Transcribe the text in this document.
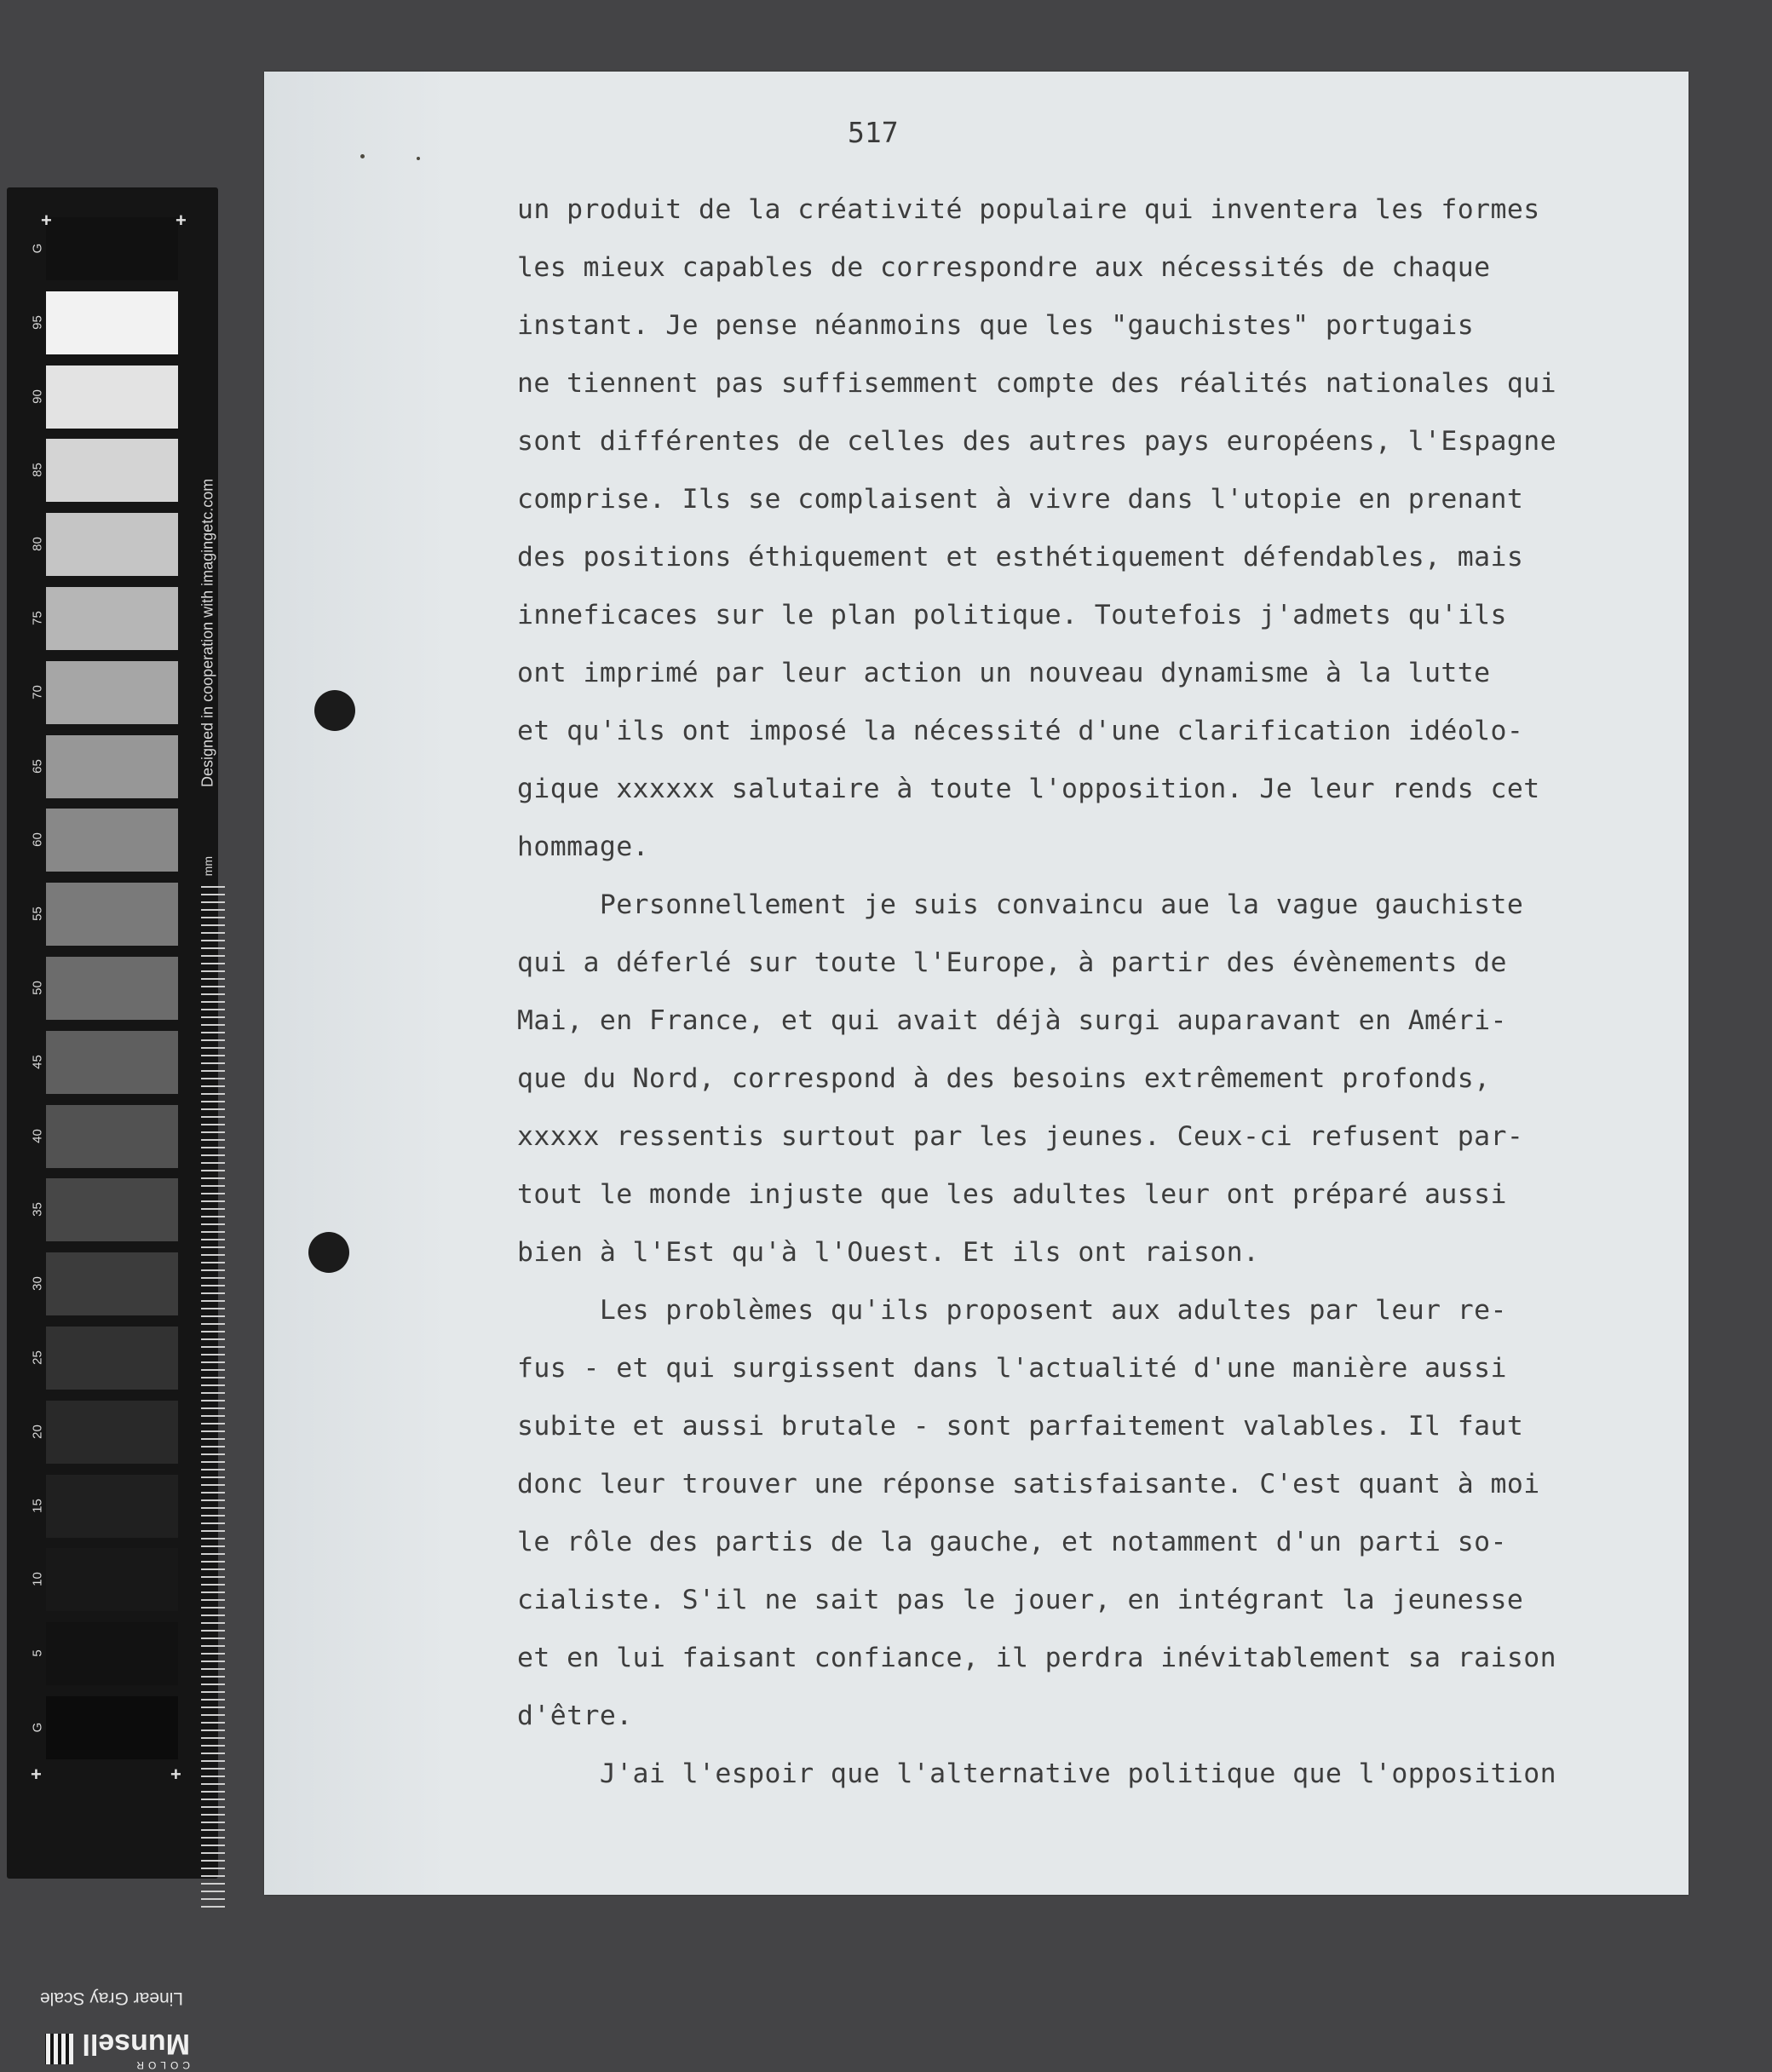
G
95
90
85
80
75
70
65
60
55
50
45
40
35
30
25
20
15
10
5
G
Designed in cooperation with imagingetc.com
mm
+	+
+	+
Linear Gray Scale
COLOR
Munsell
517
un produit de la créativité populaire qui inventera les formes
les mieux capables de correspondre aux nécessités de chaque
instant. Je pense néanmoins que les "gauchistes" portugais
ne tiennent pas suffisemment compte des réalités nationales qui
sont différentes de celles des autres pays européens, l'Espagne
comprise. Ils se complaisent à vivre dans l'utopie en prenant
des positions éthiquement et esthétiquement défendables, mais
inneficaces sur le plan politique. Toutefois j'admets qu'ils
ont imprimé par leur action un nouveau dynamisme à la lutte
et qu'ils ont imposé la nécessité d'une clarification idéolo-
gique xxxxxx salutaire à toute l'opposition. Je leur rends cet
hommage.
Personnellement je suis convaincu aue la vague gauchiste
qui a déferlé sur toute l'Europe, à partir des évènements de
Mai, en France, et qui avait déjà surgi auparavant en Améri-
que du Nord, correspond à des besoins extrêmement profonds,
xxxxx ressentis surtout par les jeunes. Ceux-ci refusent par-
tout le monde injuste que les adultes leur ont préparé aussi
bien à l'Est qu'à l'Ouest. Et ils ont raison.
Les problèmes qu'ils proposent aux adultes par leur re-
fus - et qui surgissent dans l'actualité d'une manière aussi
subite et aussi brutale - sont parfaitement valables. Il faut
donc leur trouver une réponse satisfaisante. C'est quant à moi
le rôle des partis de la gauche, et notamment d'un parti so-
cialiste. S'il ne sait pas le jouer, en intégrant la jeunesse
et en lui faisant confiance, il perdra inévitablement sa raison
d'être.
J'ai l'espoir que l'alternative politique que l'opposition
